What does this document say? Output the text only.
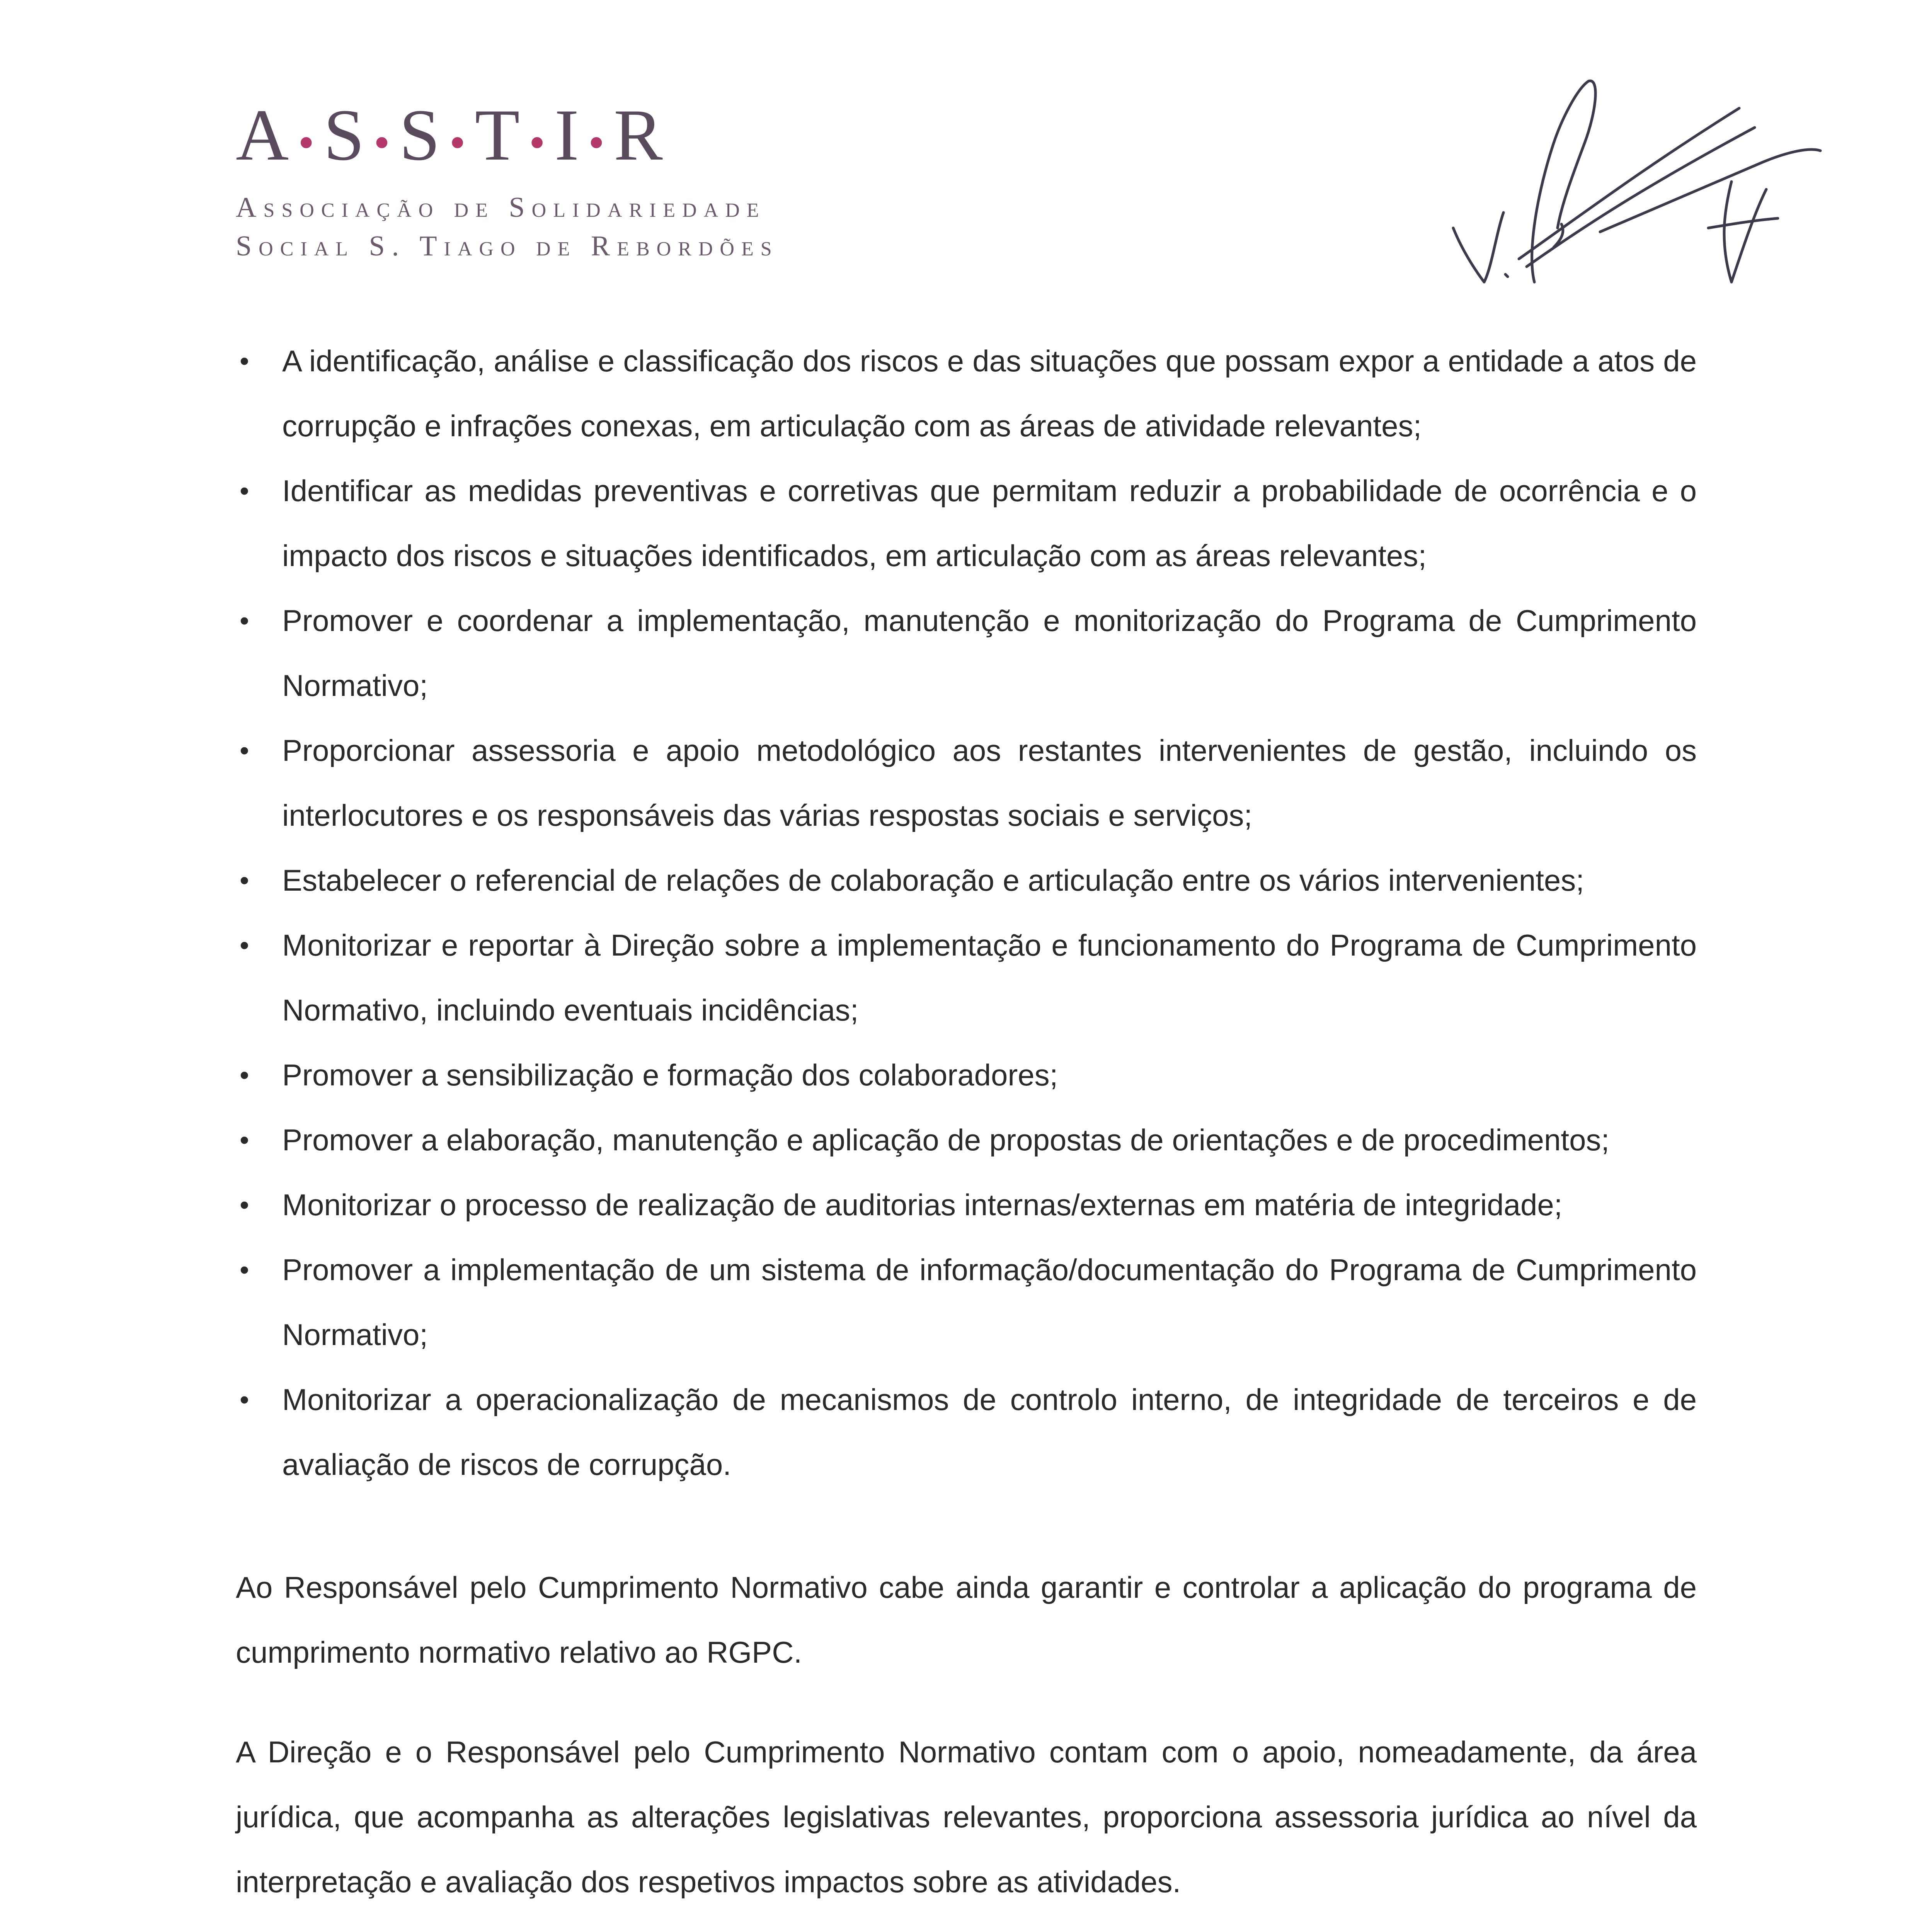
A •S •S •T •I •R
Associação de Solidariedade
Social S. Tiago de Rebordões
• A identificação, análise e classificação dos riscos e das situações que possam expor a entidade a atos de corrupção e infrações conexas, em articulação com as áreas de atividade relevantes;
• Identificar as medidas preventivas e corretivas que permitam reduzir a probabilidade de ocorrência e o impacto dos riscos e situações identificados, em articulação com as áreas relevantes;
• Promover e coordenar a implementação, manutenção e monitorização do Programa de Cumprimento Normativo;
• Proporcionar assessoria e apoio metodológico aos restantes intervenientes de gestão, incluindo os interlocutores e os responsáveis das várias respostas sociais e serviços;
• Estabelecer o referencial de relações de colaboração e articulação entre os vários intervenientes;
• Monitorizar e reportar à Direção sobre a implementação e funcionamento do Programa de Cumprimento Normativo, incluindo eventuais incidências;
• Promover a sensibilização e formação dos colaboradores;
• Promover a elaboração, manutenção e aplicação de propostas de orientações e de procedimentos;
• Monitorizar o processo de realização de auditorias internas/externas em matéria de integridade;
• Promover a implementação de um sistema de informação/documentação do Programa de Cumprimento Normativo;
• Monitorizar a operacionalização de mecanismos de controlo interno, de integridade de terceiros e de avaliação de riscos de corrupção.

Ao Responsável pelo Cumprimento Normativo cabe ainda garantir e controlar a aplicação do programa de cumprimento normativo relativo ao RGPC.

A Direção e o Responsável pelo Cumprimento Normativo contam com o apoio, nomeadamente, da área jurídica, que acompanha as alterações legislativas relevantes, proporciona assessoria jurídica ao nível da interpretação e avaliação dos respetivos impactos sobre as atividades.
